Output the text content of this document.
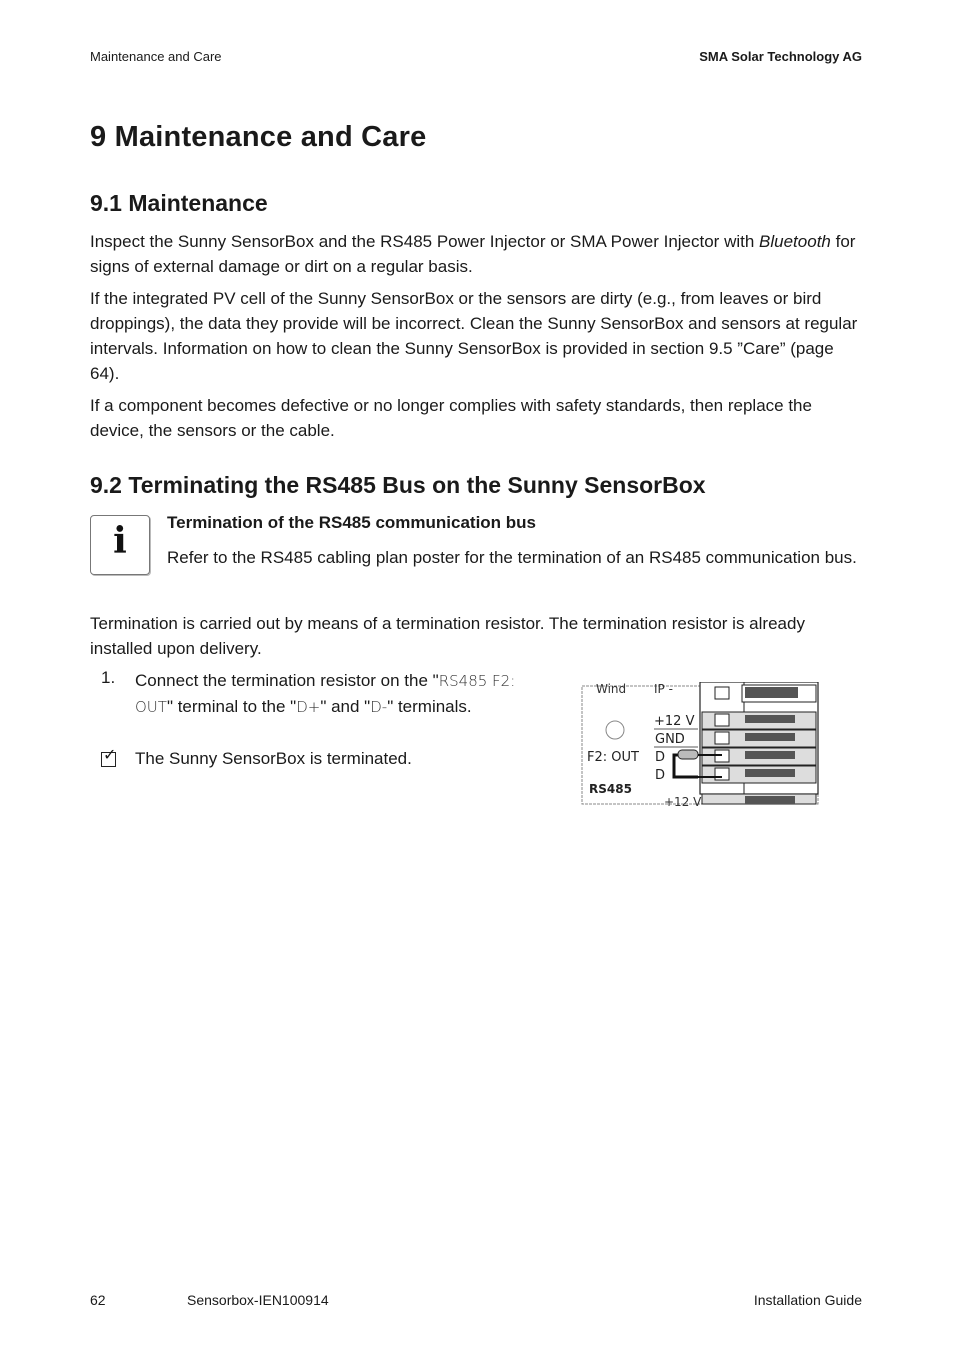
Maintenance and Care	SMA Solar Technology AG
9 Maintenance and Care
9.1 Maintenance

Inspect the Sunny SensorBox and the RS485 Power Injector or SMA Power Injector with Bluetooth for signs of external damage or dirt on a regular basis.

If the integrated PV cell of the Sunny SensorBox or the sensors are dirty (e.g., from leaves or bird droppings), the data they provide will be incorrect. Clean the Sunny SensorBox and sensors at regular intervals. Information on how to clean the Sunny SensorBox is provided in section 9.5 ”Care” (page 64).

If a component becomes defective or no longer complies with safety standards, then replace the device, the sensors or the cable.

9.2 Terminating the RS485 Bus on the Sunny SensorBox
i	Termination of the RS485 communication bus

Refer to the RS485 cabling plan poster for the termination of an RS485 communication bus.

Termination is carried out by means of a termination resistor. The termination resistor is already installed upon delivery.

1. Connect the termination resistor on the "RS485 F2: OUT" terminal to the "D+" and "D-" terminals.

✓ The Sunny SensorBox is terminated.
Wind IP -
+12 V
GND
D
D
F2: OUT
RS485
+12 V
62	Sensorbox-IEN100914	Installation Guide
